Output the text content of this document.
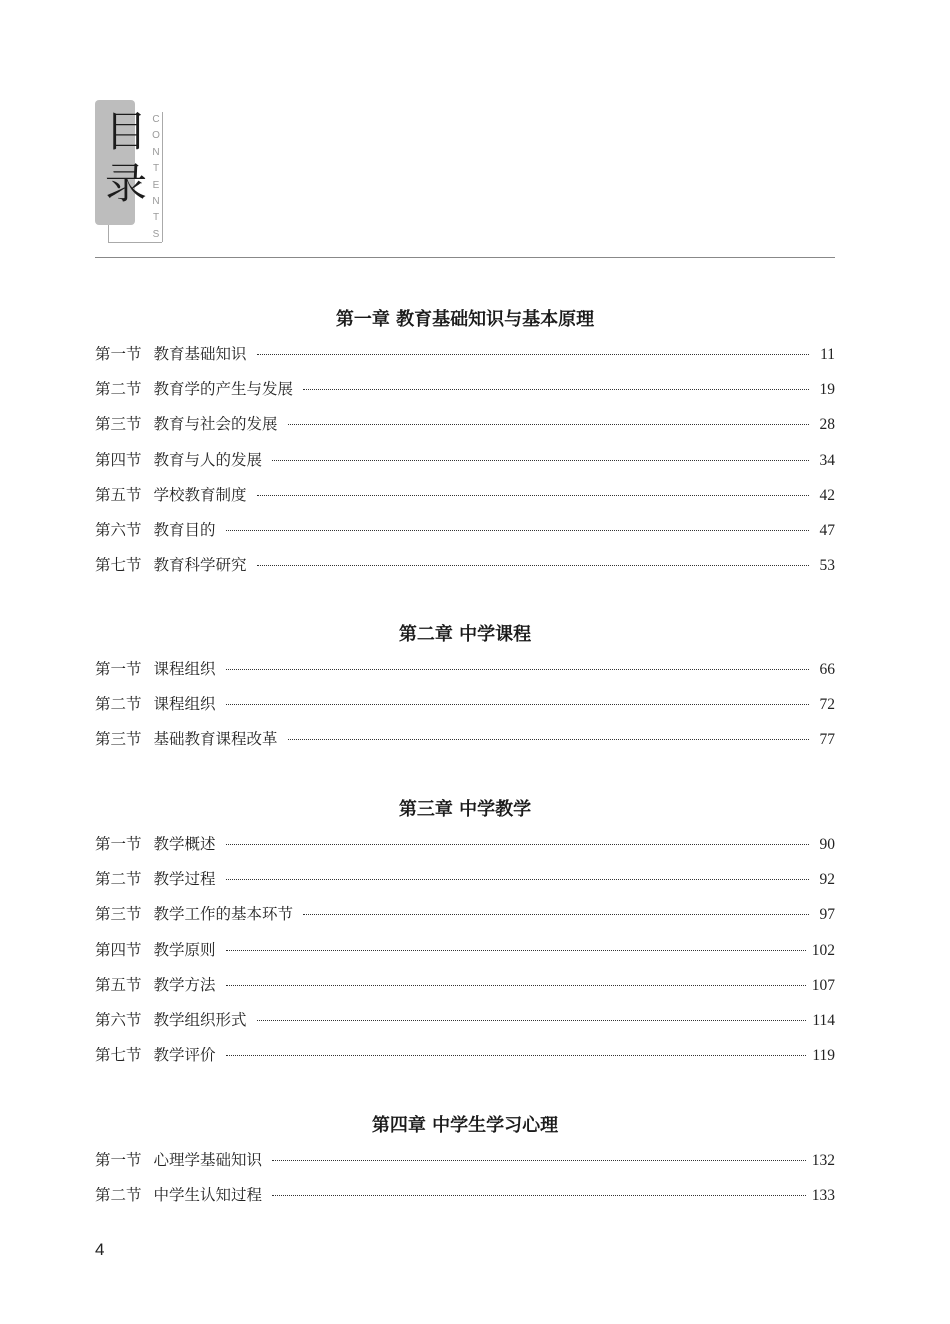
目
录
C
O
N
T
E
N
T
S
第一章 教育基础知识与基本原理
第一节 教育基础知识	11
第二节 教育学的产生与发展	19
第三节 教育与社会的发展	28
第四节 教育与人的发展	34
第五节 学校教育制度	42
第六节 教育目的	47
第七节 教育科学研究	53
第二章 中学课程
第一节 课程组织	66
第二节 课程组织	72
第三节 基础教育课程改革	77
第三章 中学教学
第一节 教学概述	90
第二节 教学过程	92
第三节 教学工作的基本环节	97
第四节 教学原则	102
第五节 教学方法	107
第六节 教学组织形式	114
第七节 教学评价	119
第四章 中学生学习心理
第一节 心理学基础知识	132
第二节 中学生认知过程	133
4
